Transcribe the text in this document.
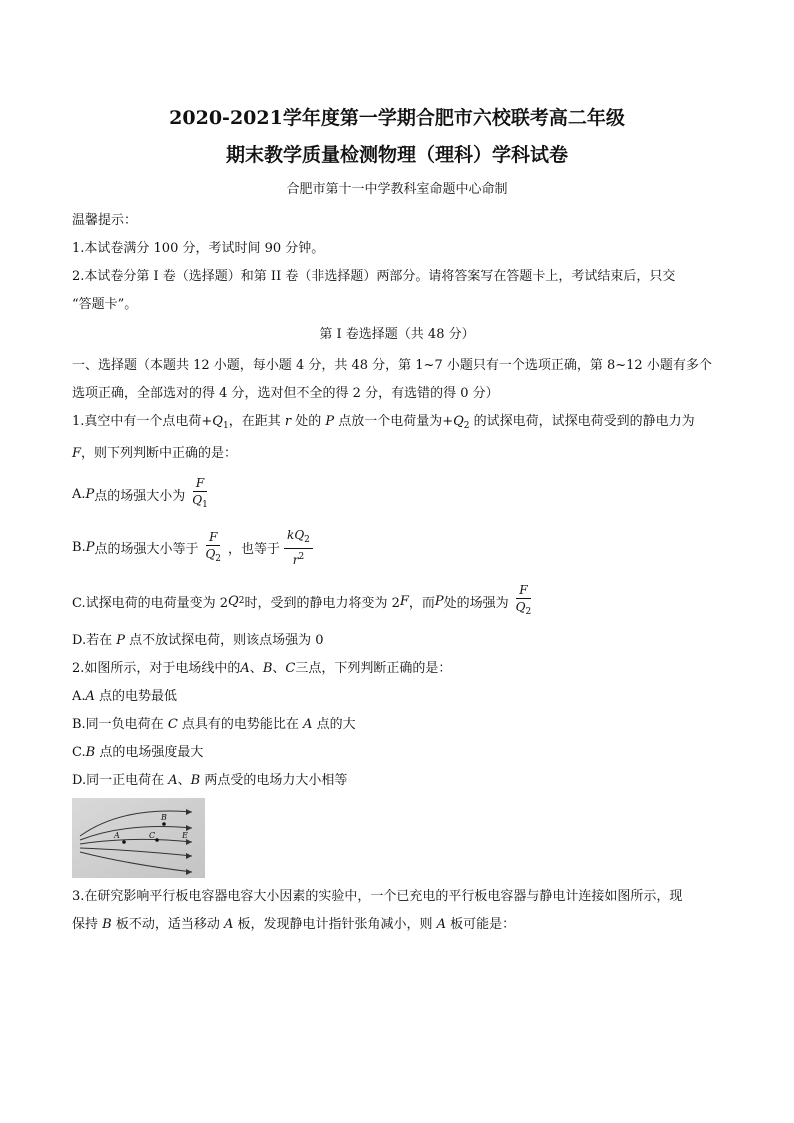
2020-2021学年度第一学期合肥市六校联考高二年级

期末教学质量检测物理（理科）学科试卷

合肥市第十一中学教科室命题中心命制

温馨提示：

1.本试卷满分 100 分，考试时间 90 分钟。

2.本试卷分第 I 卷（选择题）和第 II 卷（非选择题）两部分。请将答案写在答题卡上，考试结束后，只交

“答题卡”。

第 I 卷选择题（共 48 分）

一、选择题（本题共 12 小题，每小题 4 分，共 48 分，第 1~7 小题只有一个选项正确，第 8~12 小题有多个

选项正确，全部选对的得 4 分，选对但不全的得 2 分，有选错的得 0 分）

1.真空中有一个点电荷$+Q_1$，在距其 r 处的 P 点放一个电荷量为$+Q_2$ 的试探电荷，试探电荷受到的静电力为

F，则下列判断中正确的是：

A. P 点的场强大小为 $\frac{F}{Q_1}$
B. P 点的场强大小等于 $\frac{F}{Q_2}$ ，也等于 $\frac{kQ_2}{r^2}$
C.试探电荷的电荷量变为 2 Q 2 时，受到的静电力将变为 2 F ，而 P 处的场强为 $\frac{F}{Q_2}$

D.若在 P 点不放试探电荷，则该点场强为 0

2.如图所示，对于电场线中的A、B、C三点，下列判断正确的是：

A.A 点的电势最低

B.同一负电荷在 C 点具有的电势能比在 A 点的大

C.B 点的电场强度最大

D.同一正电荷在 A、B 两点受的电场力大小相等

B
C
A	E

3.在研究影响平行板电容器电容大小因素的实验中，一个已充电的平行板电容器与静电计连接如图所示，现

保持 B 板不动，适当移动 A 板，发现静电计指针张角减小，则 A 板可能是：
